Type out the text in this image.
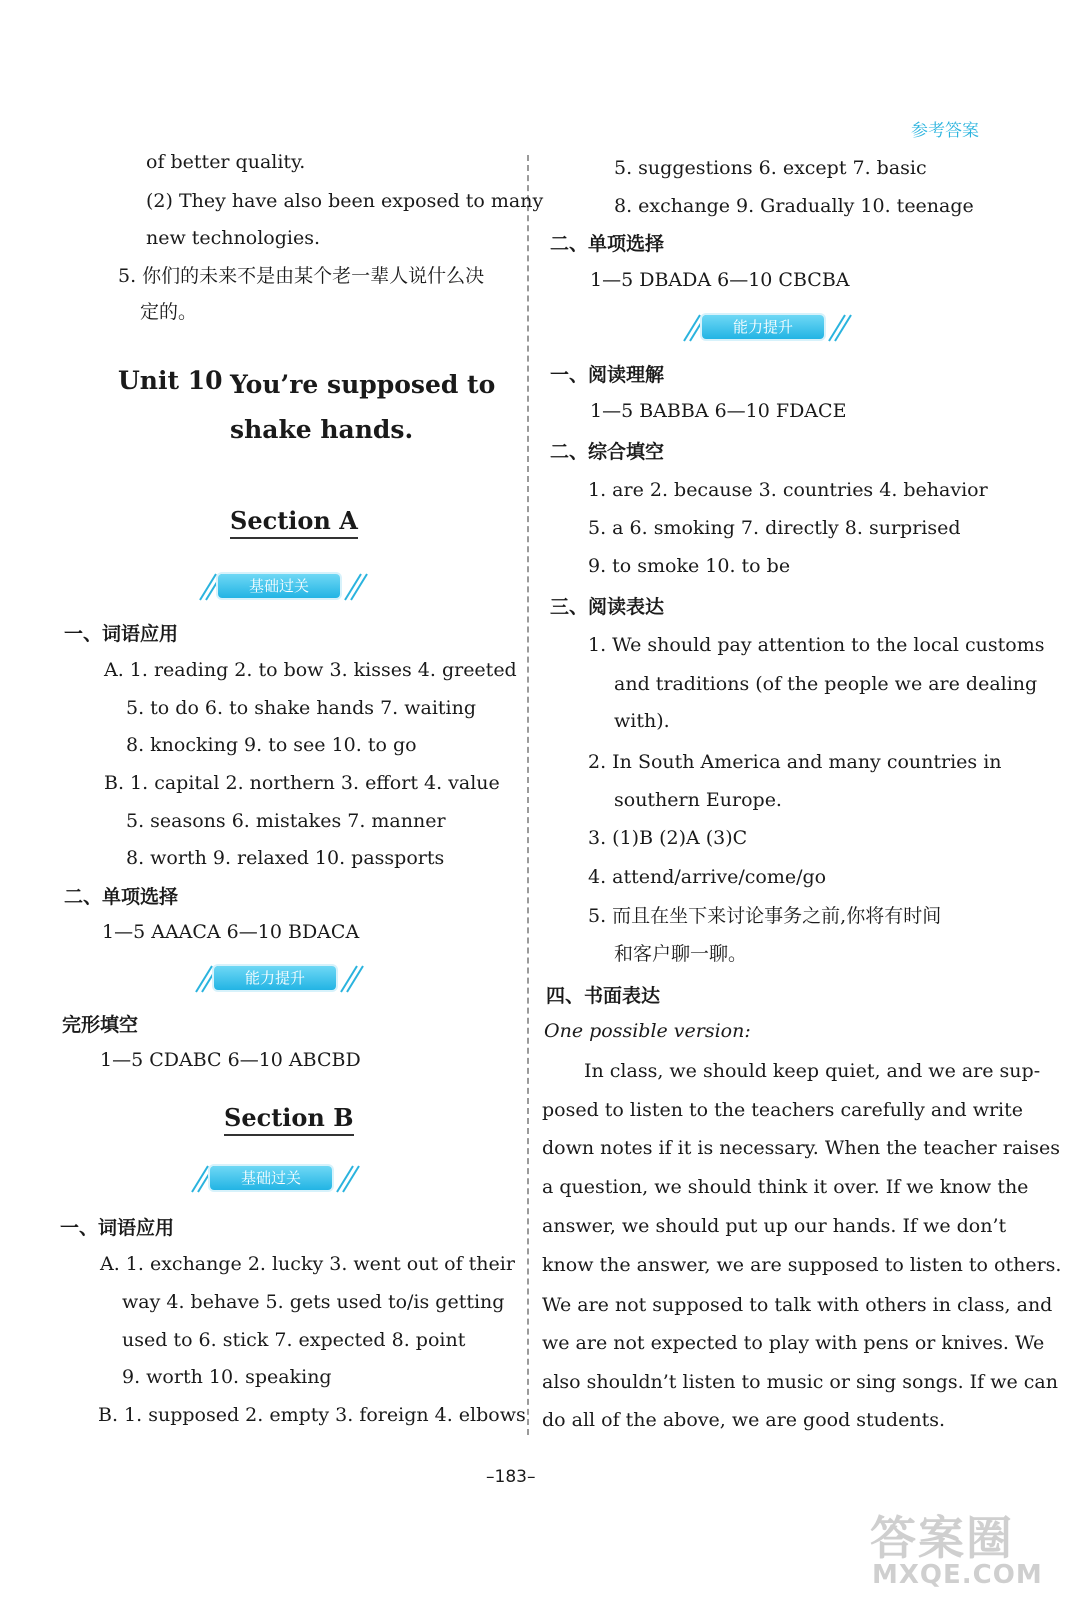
参考答案
of better quality.
(2) They have also been exposed to many
new technologies.
5. 你们的未来不是由某个老一辈人说什么决
定的。
Unit 10 You’re supposed to
shake hands.
Section A
基础过关
一、词语应用
A. 1. reading 2. to bow 3. kisses 4. greeted
5. to do 6. to shake hands 7. waiting
8. knocking 9. to see 10. to go
B. 1. capital 2. northern 3. effort 4. value
5. seasons 6. mistakes 7. manner
8. worth 9. relaxed 10. passports
二、单项选择
1—5 AAACA 6—10 BDACA
能力提升
完形填空
1—5 CDABC 6—10 ABCBD
Section B
基础过关
一、词语应用
A. 1. exchange 2. lucky 3. went out of their
way 4. behave 5. gets used to/is getting
used to 6. stick 7. expected 8. point
9. worth 10. speaking
B. 1. supposed 2. empty 3. foreign 4. elbows
5. suggestions 6. except 7. basic
8. exchange 9. Gradually 10. teenage
二、单项选择
1—5 DBADA 6—10 CBCBA
能力提升
一、阅读理解
1—5 BABBA 6—10 FDACE
二、综合填空
1. are 2. because 3. countries 4. behavior
5. a 6. smoking 7. directly 8. surprised
9. to smoke 10. to be
三、阅读表达
1. We should pay attention to the local customs
and traditions (of the people we are dealing
with).
2. In South America and many countries in
southern Europe.
3. (1)B (2)A (3)C
4. attend/arrive/come/go
5. 而且在坐下来讨论事务之前,你将有时间
和客户聊一聊。
四、书面表达
One possible version:
In class, we should keep quiet, and we are sup-
posed to listen to the teachers carefully and write
down notes if it is necessary. When the teacher raises
a question, we should think it over. If we know the
answer, we should put up our hands. If we don’t
know the answer, we are supposed to listen to others.
We are not supposed to talk with others in class, and
we are not expected to play with pens or knives. We
also shouldn’t listen to music or sing songs. If we can
do all of the above, we are good students.
–183–
答案圈
MXQE.COM
